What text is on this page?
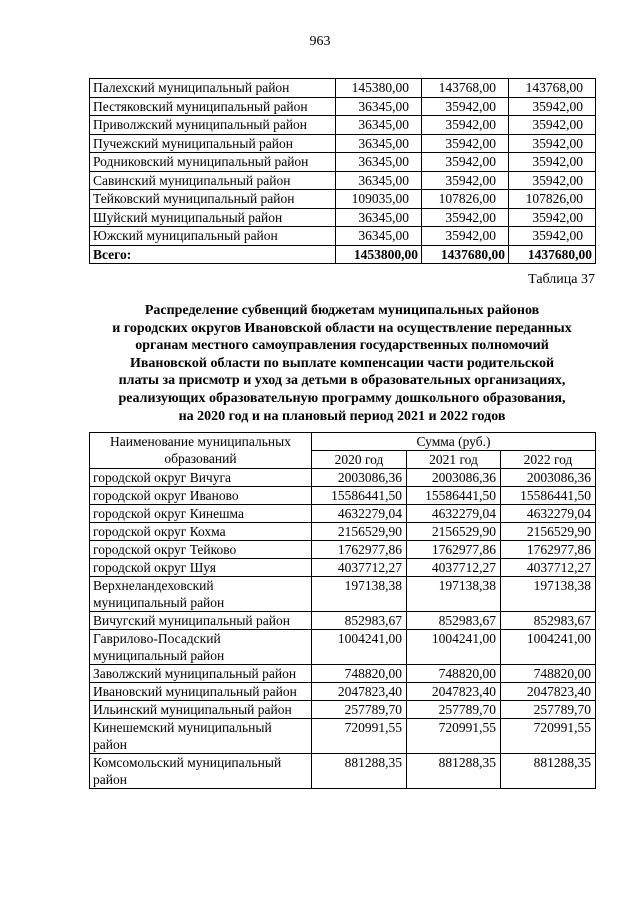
963
Палехский муниципальный район	145380,00	143768,00	143768,00
Пестяковский муниципальный район	36345,00	35942,00	35942,00
Приволжский муниципальный район	36345,00	35942,00	35942,00
Пучежский муниципальный район	36345,00	35942,00	35942,00
Родниковский муниципальный район	36345,00	35942,00	35942,00
Савинский муниципальный район	36345,00	35942,00	35942,00
Тейковский муниципальный район	109035,00	107826,00	107826,00
Шуйский муниципальный район	36345,00	35942,00	35942,00
Южский муниципальный район	36345,00	35942,00	35942,00
Всего:	1453800,00	1437680,00	1437680,00
Таблица 37
Распределение субвенций бюджетам муниципальных районов
и городских округов Ивановской области на осуществление переданных
органам местного самоуправления государственных полномочий
Ивановской области по выплате компенсации части родительской
платы за присмотр и уход за детьми в образовательных организациях,
реализующих образовательную программу дошкольного образования,
на 2020 год и на плановый период 2021 и 2022 годов
Наименование муниципальных
образований	Сумма (руб.)		
	2020 год	2021 год	2022 год
городской округ Вичуга	2003086,36	2003086,36	2003086,36
городской округ Иваново	15586441,50	15586441,50	15586441,50
городской округ Кинешма	4632279,04	4632279,04	4632279,04
городской округ Кохма	2156529,90	2156529,90	2156529,90
городской округ Тейково	1762977,86	1762977,86	1762977,86
городской округ Шуя	4037712,27	4037712,27	4037712,27
Верхнеландеховский муниципальный район	197138,38	197138,38	197138,38
Вичугский муниципальный район	852983,67	852983,67	852983,67
Гаврилово-Посадский муниципальный район	1004241,00	1004241,00	1004241,00
Заволжский муниципальный район	748820,00	748820,00	748820,00
Ивановский муниципальный район	2047823,40	2047823,40	2047823,40
Ильинский муниципальный район	257789,70	257789,70	257789,70
Кинешемский муниципальный район	720991,55	720991,55	720991,55
Комсомольский муниципальный район	881288,35	881288,35	881288,35
